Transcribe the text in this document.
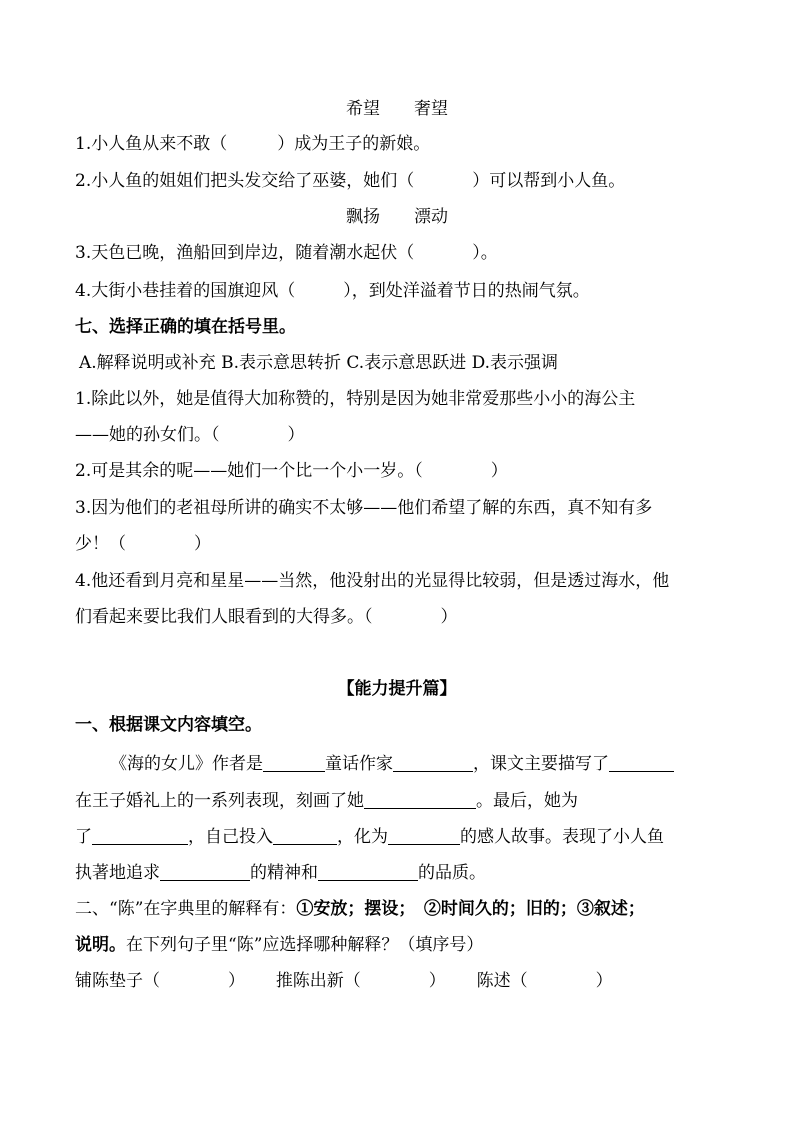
希望　　奢望
1.小人鱼从来不敢（	）成为王子的新娘。
2.小人鱼的姐姐们把头发交给了巫婆，她们（	）可以帮到小人鱼。
飘扬　　漂动
3.天色已晚，渔船回到岸边，随着潮水起伏（	）。
4.大街小巷挂着的国旗迎风（	），到处洋溢着节日的热闹气氛。
七、选择正确的填在括号里。
A.解释说明或补充 B.表示意思转折 C.表示意思跃进 D.表示强调
1.除此以外，她是值得大加称赞的，特别是因为她非常爱那些小小的海公主
——她的孙女们。（　　　　）
2.可是其余的呢——她们一个比一个小一岁。（　　　　）
3.因为他们的老祖母所讲的确实不太够——他们希望了解的东西，真不知有多
少！（　　　　）
4.他还看到月亮和星星——当然，他没射出的光显得比较弱，但是透过海水，他
们看起来要比我们人眼看到的大得多。（　　　　）
【能力提升篇】
一、根据课文内容填空。
《海的女儿》作者是	童话作家	，课文主要描写了
在王子婚礼上的一系列表现，刻画了她	。最后，她为
了	，自己投入	，化为	的感人故事。表现了小人鱼
执著地追求	的精神和	的品质。
二、“陈”在字典里的解释有：①安放；摆设；　②时间久的；旧的；③叙述；
说明。在下列句子里“陈”应选择哪种解释？（填序号）
铺陈垫子（　　　　） 推陈出新（　　　　） 陈述（　　　　）
